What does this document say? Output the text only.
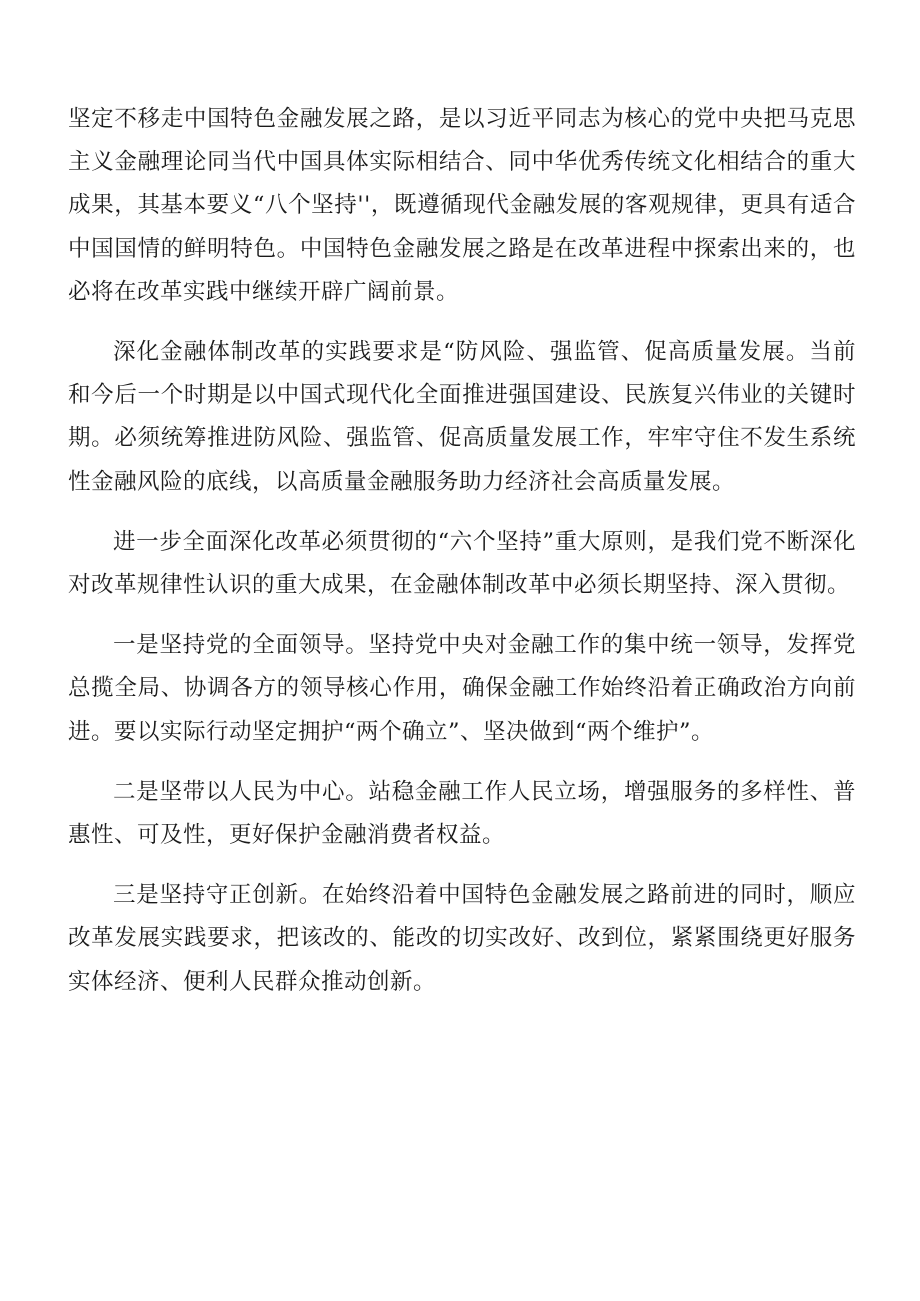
坚定不移走中国特色金融发展之路，是以习近平同志为核心的党中央把马克思主义金融理论同当代中国具体实际相结合、同中华优秀传统文化相结合的重大成果，其基本要义“八个坚持''，既遵循现代金融发展的客观规律，更具有适合中国国情的鲜明特色。中国特色金融发展之路是在改革进程中探索出来的，也必将在改革实践中继续开辟广阔前景。

深化金融体制改革的实践要求是“防风险、强监管、促高质量发展。当前和今后一个时期是以中国式现代化全面推进强国建设、民族复兴伟业的关键时期。必须统筹推进防风险、强监管、促高质量发展工作，牢牢守住不发生系统性金融风险的底线，以高质量金融服务助力经济社会高质量发展。

进一步全面深化改革必须贯彻的“六个坚持”重大原则，是我们党不断深化对改革规律性认识的重大成果，在金融体制改革中必须长期坚持、深入贯彻。

一是坚持党的全面领导。坚持党中央对金融工作的集中统一领导，发挥党总揽全局、协调各方的领导核心作用，确保金融工作始终沿着正确政治方向前进。要以实际行动坚定拥护“两个确立”、坚决做到“两个维护”。

二是坚带以人民为中心。站稳金融工作人民立场，增强服务的多样性、普惠性、可及性，更好保护金融消费者权益。

三是坚持守正创新。在始终沿着中国特色金融发展之路前进的同时，顺应改革发展实践要求，把该改的、能改的切实改好、改到位，紧紧围绕更好服务实体经济、便利人民群众推动创新。
